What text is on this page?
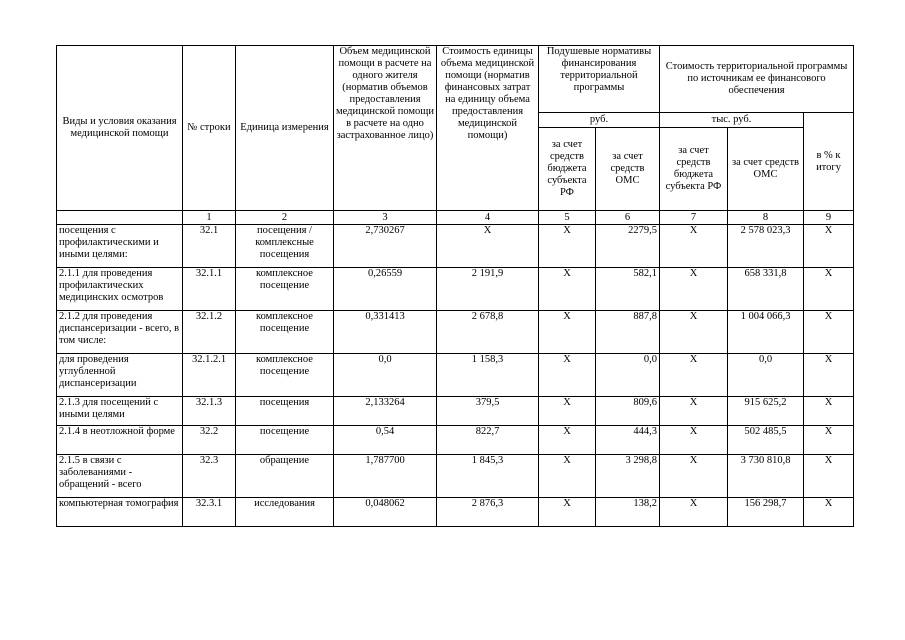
Виды и условия оказания медицинской помощи	№ строки	Единица измерения	Объем медицинской помощи в расчете на одного жителя (норматив объемов предоставления медицинской помощи в расчете на одно застрахованное лицо)	Стоимость единицы объема медицинской помощи (норматив финансовых затрат на единицу объема предоставления медицинской помощи)	Подушевые нормативы финансирования территориальной программы		Стоимость территориальной программы по источникам ее финансового обеспечения		
					руб.		тыс. руб.		в % к итогу
					за счет средств бюджета субъекта РФ	за счет средств ОМС	за счет средств бюджета субъекта РФ	за счет средств ОМС	
	1	2	3	4	5	6	7	8	9
посещения с профилактическими и иными целями:	32.1	посещения / комплексные посещения	2,730267	X	X	2279,5	X	2 578 023,3	X
2.1.1 для проведения профилактических медицинских осмотров	32.1.1	комплексное посещение	0,26559	2 191,9	X	582,1	X	658 331,8	X
2.1.2 для проведения диспансеризации - всего, в том числе:	32.1.2	комплексное посещение	0,331413	2 678,8	X	887,8	X	1 004 066,3	X
для проведения углубленной диспансеризации	32.1.2.1	комплексное посещение	0,0	1 158,3	X	0,0	X	0,0	X
2.1.3 для посещений с иными целями	32.1.3	посещения	2,133264	379,5	X	809,6	X	915 625,2	X
2.1.4 в неотложной форме	32.2	посещение	0,54	822,7	X	444,3	X	502 485,5	X
2.1.5 в связи с заболеваниями - обращений - всего	32.3	обращение	1,787700	1 845,3	X	3 298,8	X	3 730 810,8	X
компьютерная томография	32.3.1	исследования	0,048062	2 876,3	X	138,2	X	156 298,7	X
